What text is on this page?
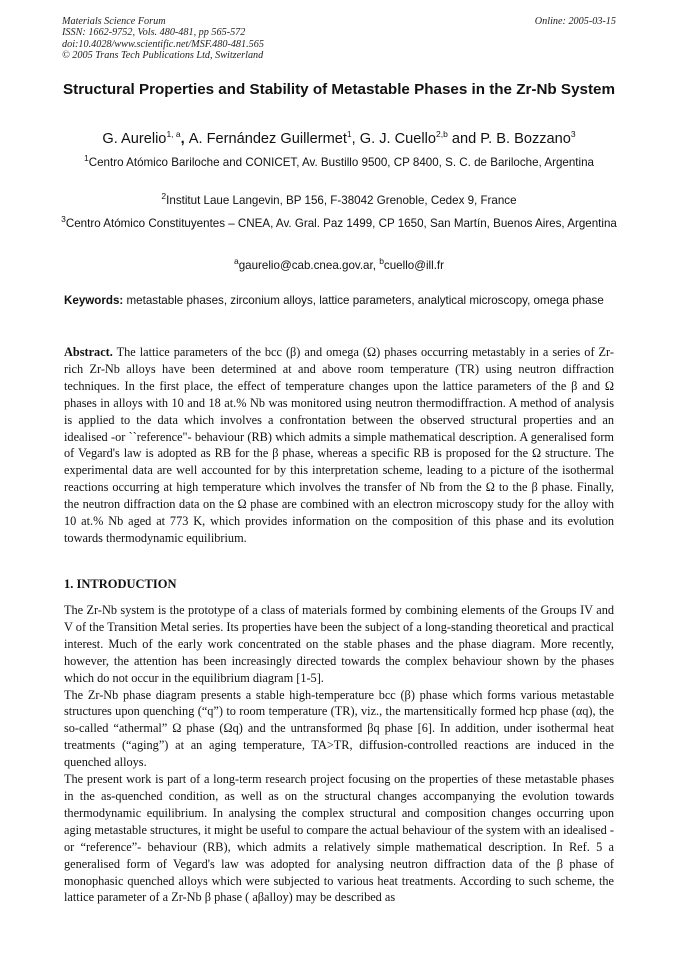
Materials Science Forum
ISSN: 1662-9752, Vols. 480-481, pp 565-572
doi:10.4028/www.scientific.net/MSF.480-481.565
© 2005 Trans Tech Publications Ltd, Switzerland
Online: 2005-03-15
Structural Properties and Stability of Metastable Phases in the Zr-Nb System
G. Aurelio$^{1, a}$, A. Fernández Guillermet$^1$, G. J. Cuello$^{2,b}$ and P. B. Bozzano$^3$
$^1$Centro Atómico Bariloche and CONICET, Av. Bustillo 9500, CP 8400, S. C. de Bariloche, Argentina
$^2$Institut Laue Langevin, BP 156, F-38042 Grenoble, Cedex 9, France
$^3$Centro Atómico Constituyentes – CNEA, Av. Gral. Paz 1499, CP 1650, San Martín, Buenos Aires, Argentina
$^a$gaurelio@cab.cnea.gov.ar, $^b$cuello@ill.fr
Keywords: metastable phases, zirconium alloys, lattice parameters, analytical microscopy, omega phase
Abstract. The lattice parameters of the bcc (β) and omega (Ω) phases occurring metastably in a series of Zr-rich Zr-Nb alloys have been determined at and above room temperature (TR) using neutron diffraction techniques. In the first place, the effect of temperature changes upon the lattice parameters of the β and Ω phases in alloys with 10 and 18 at.% Nb was monitored using neutron thermodiffraction. A method of analysis is applied to the data which involves a confrontation between the observed structural properties and an idealised -or ``reference"- behaviour (RB) which admits a simple mathematical description. A generalised form of Vegard's law is adopted as RB for the β phase, whereas a specific RB is proposed for the Ω structure. The experimental data are well accounted for by this interpretation scheme, leading to a picture of the isothermal reactions occurring at high temperature which involves the transfer of Nb from the Ω to the β phase. Finally, the neutron diffraction data on the Ω phase are combined with an electron microscopy study for the alloy with 10 at.% Nb aged at 773 K, which provides information on the composition of this phase and its evolution towards thermodynamic equilibrium.
1. INTRODUCTION

The Zr-Nb system is the prototype of a class of materials formed by combining elements of the Groups IV and V of the Transition Metal series. Its properties have been the subject of a long-standing theoretical and practical interest. Much of the early work concentrated on the stable phases and the phase diagram. More recently, however, the attention has been increasingly directed towards the complex behaviour shown by the phases which do not occur in the equilibrium diagram [1-5].

The Zr-Nb phase diagram presents a stable high-temperature bcc (β) phase which forms various metastable structures upon quenching (“q”) to room temperature (TR), viz., the martensitically formed hcp phase (αq), the so-called “athermal” Ω phase (Ωq) and the untransformed βq phase [6]. In addition, under isothermal heat treatments (“aging”) at an aging temperature, TA>TR, diffusion-controlled reactions are induced in the quenched alloys.

The present work is part of a long-term research project focusing on the properties of these metastable phases in the as-quenched condition, as well as on the structural changes accompanying the evolution towards thermodynamic equilibrium. In analysing the complex structural and composition changes occurring upon aging metastable structures, it might be useful to compare the actual behaviour of the system with an idealised - or “reference”- behaviour (RB), which admits a relatively simple mathematical description. In Ref. 5 a generalised form of Vegard's law was adopted for analysing neutron diffraction data of the β phase of monophasic quenched alloys which were subjected to various heat treatments. According to such scheme, the lattice parameter of a Zr-Nb β phase ( aβalloy) may be described as
